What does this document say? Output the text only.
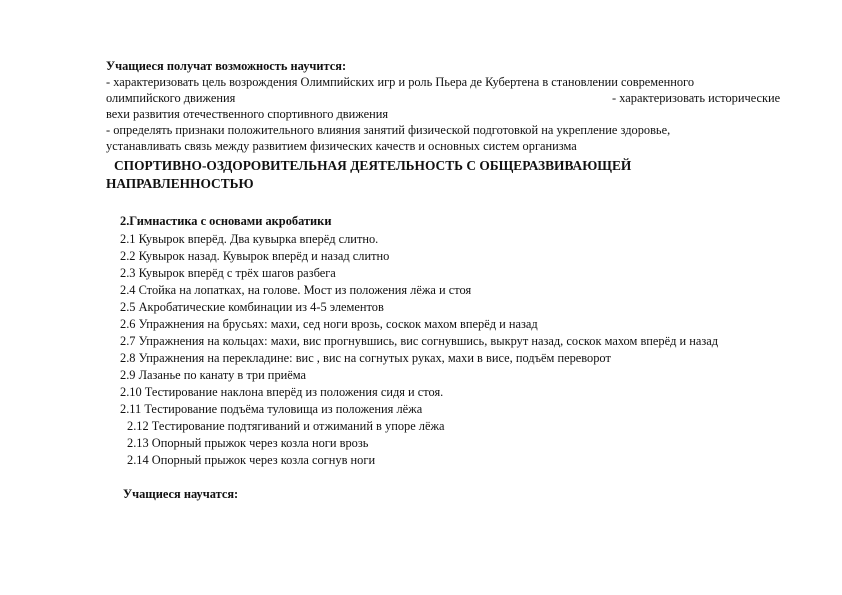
Учащиеся получат возможность научится:
- характеризовать цель возрождения Олимпийских игр и роль Пьера де Кубертена в становлении современного
олимпийского движения	- характеризовать исторические
вехи развития отечественного спортивного движения
- определять признаки положительного влияния занятий физической подготовкой на укрепление здоровье,
устанавливать связь между развитием физических качеств и основных систем организма
СПОРТИВНО-ОЗДОРОВИТЕЛЬНАЯ ДЕЯТЕЛЬНОСТЬ С ОБЩЕРАЗВИВАЮЩЕЙ
НАПРАВЛЕННОСТЬЮ
2.Гимнастика с основами акробатики
2.1 Кувырок вперёд. Два кувырка вперёд слитно.
2.2 Кувырок назад. Кувырок вперёд и назад слитно
2.3 Кувырок вперёд с трёх шагов разбега
2.4 Стойка на лопатках, на голове. Мост из положения лёжа и стоя
2.5 Акробатические комбинации из 4-5 элементов
2.6 Упражнения на брусьях: махи, сед ноги врозь, соскок махом вперёд и назад
2.7 Упражнения на кольцах: махи, вис прогнувшись, вис согнувшись, выкрут назад, соскок махом вперёд и назад
2.8 Упражнения на перекладине: вис , вис на согнутых руках, махи в висе, подъём переворот
2.9 Лазанье по канату в три приёма
2.10 Тестирование наклона вперёд из положения сидя и стоя.
2.11 Тестирование подъёма туловища из положения лёжа
2.12 Тестирование подтягиваний и отжиманий в упоре лёжа
2.13 Опорный прыжок через козла ноги врозь
2.14 Опорный прыжок через козла согнув ноги
Учащиеся научатся:
